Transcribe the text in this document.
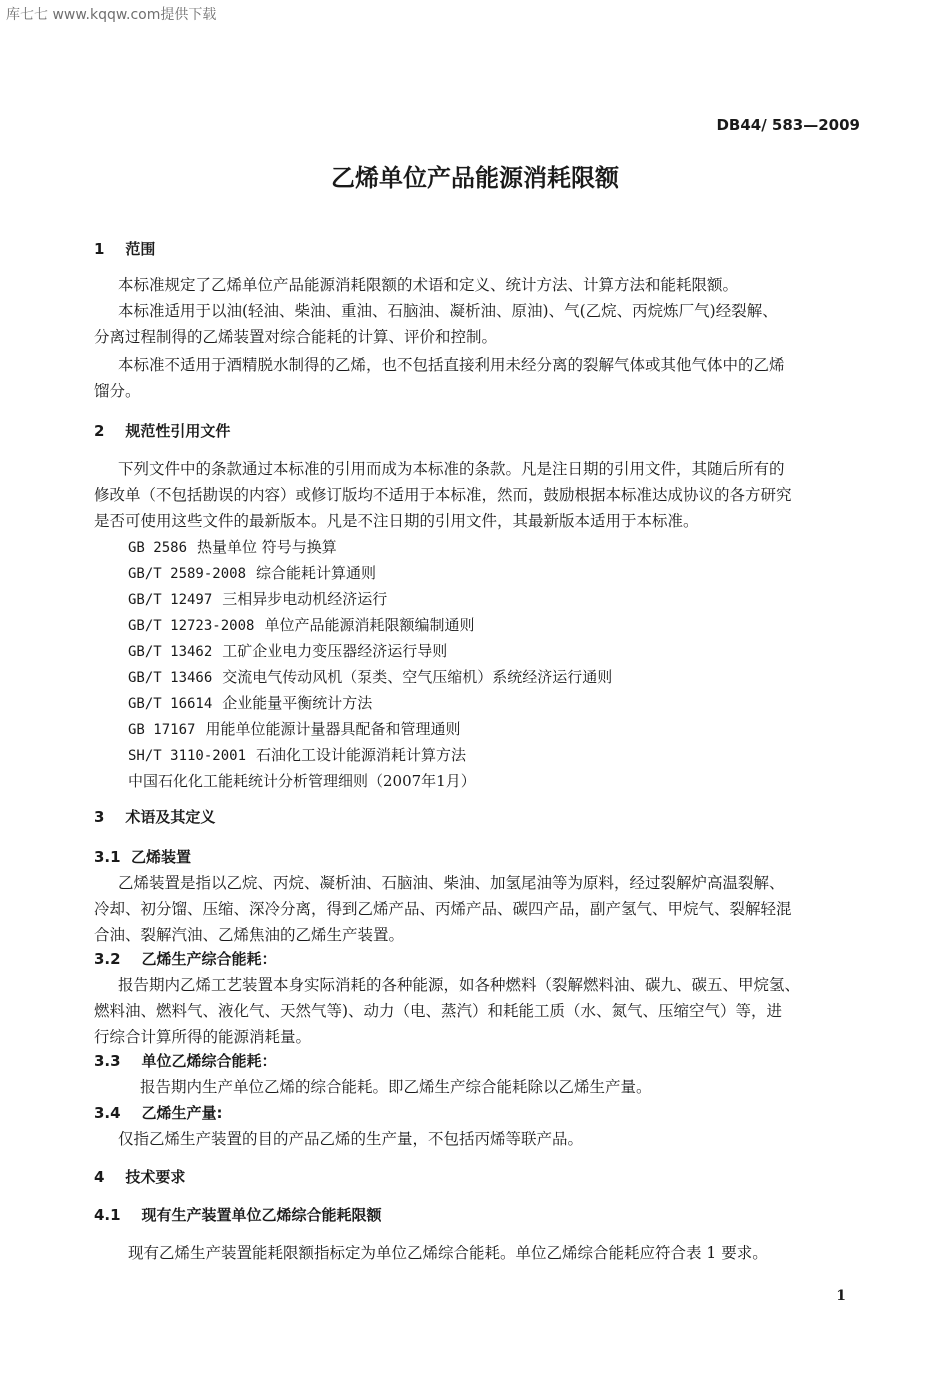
库七七 www.kqqw.com提供下载
DB44/ 583—2009
乙烯单位产品能源消耗限额
1 范围
本标准规定了乙烯单位产品能源消耗限额的术语和定义、统计方法、计算方法和能耗限额。
本标准适用于以油(轻油、柴油、重油、石脑油、凝析油、原油)、气(乙烷、丙烷炼厂气)经裂解、
分离过程制得的乙烯装置对综合能耗的计算、评价和控制。
本标准不适用于酒精脱水制得的乙烯，也不包括直接利用未经分离的裂解气体或其他气体中的乙烯
馏分。
2 规范性引用文件
下列文件中的条款通过本标准的引用而成为本标准的条款。凡是注日期的引用文件，其随后所有的
修改单（不包括勘误的内容）或修订版均不适用于本标准，然而，鼓励根据本标准达成协议的各方研究
是否可使用这些文件的最新版本。凡是不注日期的引用文件，其最新版本适用于本标准。
GB 2586 热量单位 符号与换算
GB/T 2589-2008 综合能耗计算通则
GB/T 12497 三相异步电动机经济运行
GB/T 12723-2008 单位产品能源消耗限额编制通则
GB/T 13462 工矿企业电力变压器经济运行导则
GB/T 13466 交流电气传动风机（泵类、空气压缩机）系统经济运行通则
GB/T 16614 企业能量平衡统计方法
GB 17167 用能单位能源计量器具配备和管理通则
SH/T 3110-2001 石油化工设计能源消耗计算方法
中国石化化工能耗统计分析管理细则（2007年1月）
3 术语及其定义
3.1 乙烯装置
乙烯装置是指以乙烷、丙烷、凝析油、石脑油、柴油、加氢尾油等为原料，经过裂解炉高温裂解、
冷却、初分馏、压缩、深冷分离，得到乙烯产品、丙烯产品、碳四产品，副产氢气、甲烷气、裂解轻混
合油、裂解汽油、乙烯焦油的乙烯生产装置。
3.2 乙烯生产综合能耗：
报告期内乙烯工艺装置本身实际消耗的各种能源，如各种燃料（裂解燃料油、碳九、碳五、甲烷氢、
燃料油、燃料气、液化气、天然气等)、动力（电、蒸汽）和耗能工质（水、氮气、压缩空气）等，进
行综合计算所得的能源消耗量。
3.3 单位乙烯综合能耗：
报告期内生产单位乙烯的综合能耗。即乙烯生产综合能耗除以乙烯生产量。
3.4 乙烯生产量:
仅指乙烯生产装置的目的产品乙烯的生产量，不包括丙烯等联产品。
4 技术要求
4.1 现有生产装置单位乙烯综合能耗限额
现有乙烯生产装置能耗限额指标定为单位乙烯综合能耗。单位乙烯综合能耗应符合表 1 要求。
1
